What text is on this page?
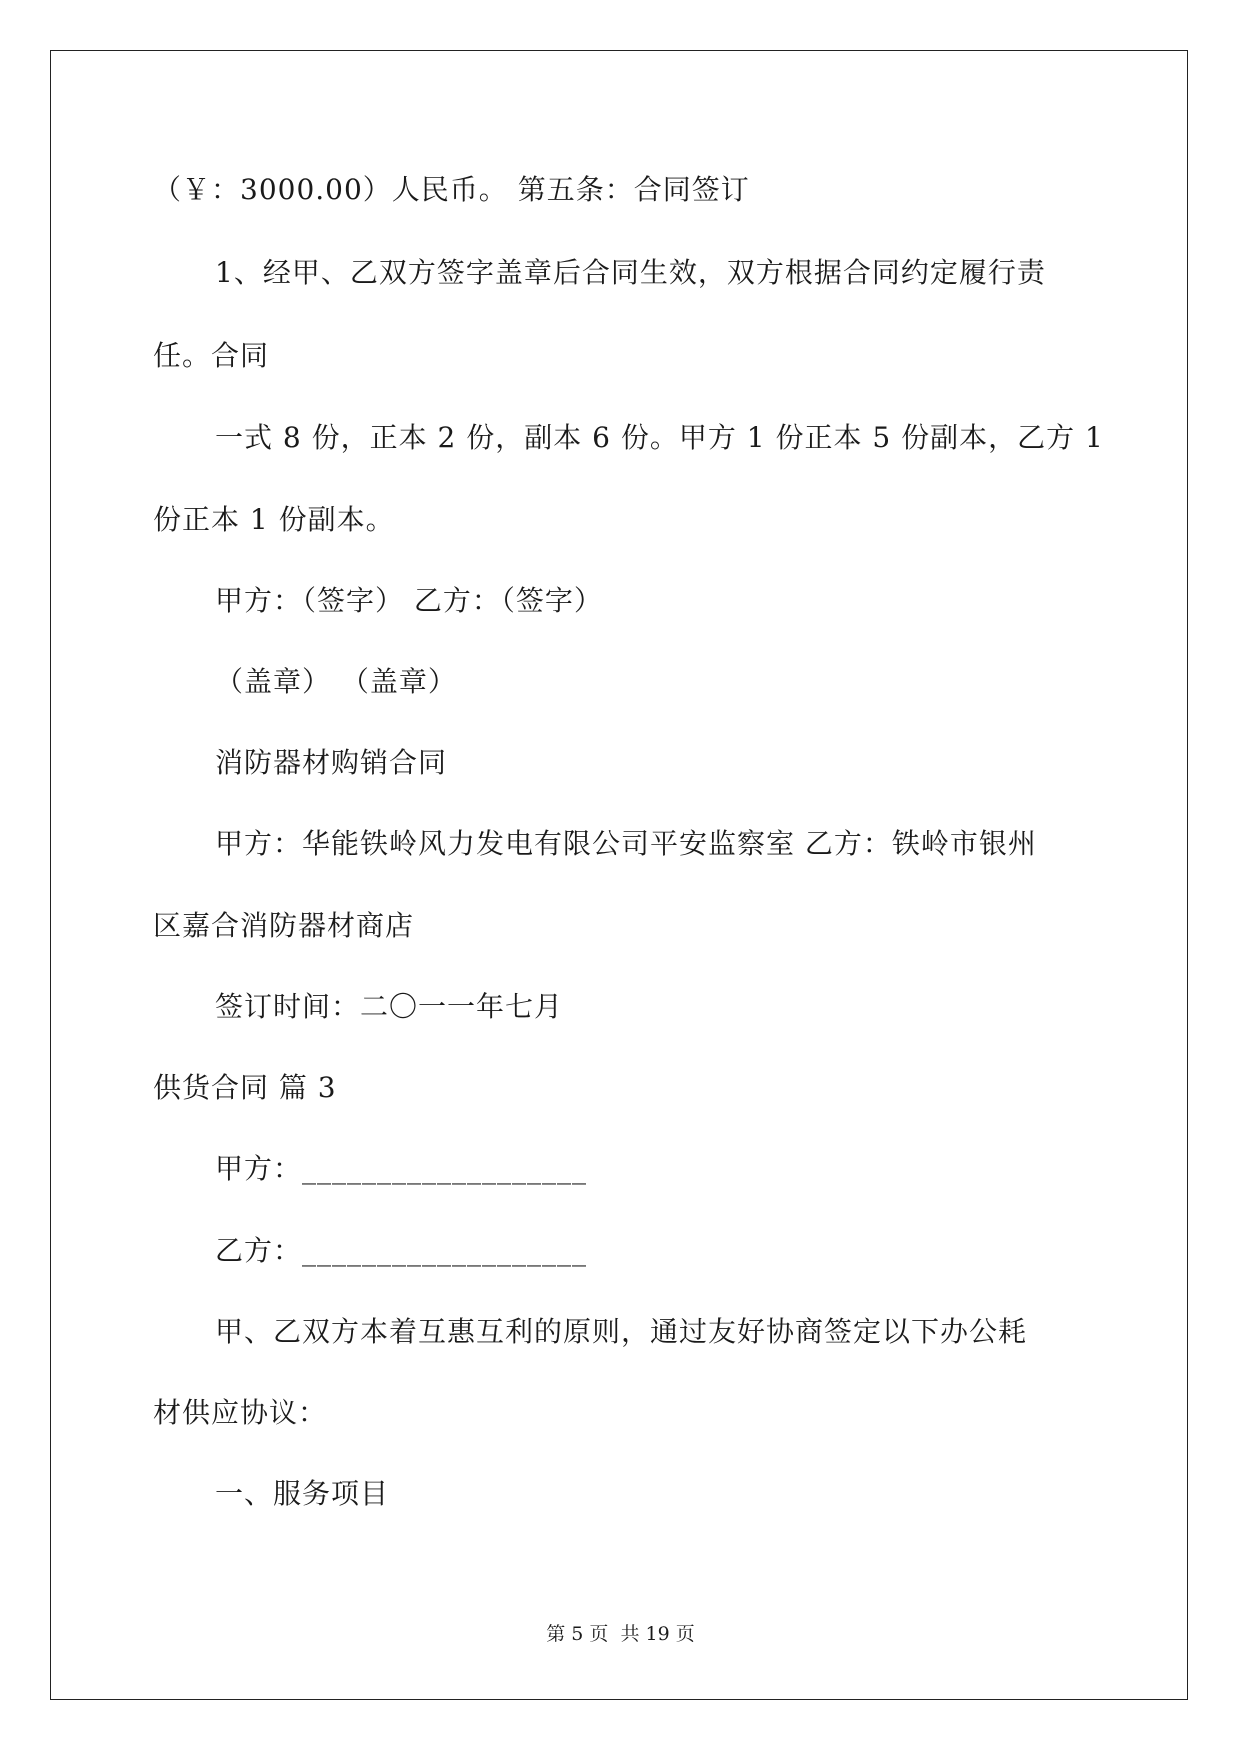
（￥：3000.00）人民币。 第五条：合同签订
1、经甲、乙双方签字盖章后合同生效，双方根据合同约定履行责
任。合同
一式 8 份，正本 2 份，副本 6 份。甲方 1 份正本 5 份副本，乙方 1
份正本 1 份副本。
甲方：（签字） 乙方：（签字）
（盖章） （盖章）
消防器材购销合同
甲方：华能铁岭风力发电有限公司平安监察室 乙方：铁岭市银州
区嘉合消防器材商店
签订时间：二〇一一年七月
供货合同 篇 3
甲方：___________________
乙方：___________________
甲、乙双方本着互惠互利的原则，通过友好协商签定以下办公耗
材供应协议：
一、服务项目
第 5 页  共 19 页
